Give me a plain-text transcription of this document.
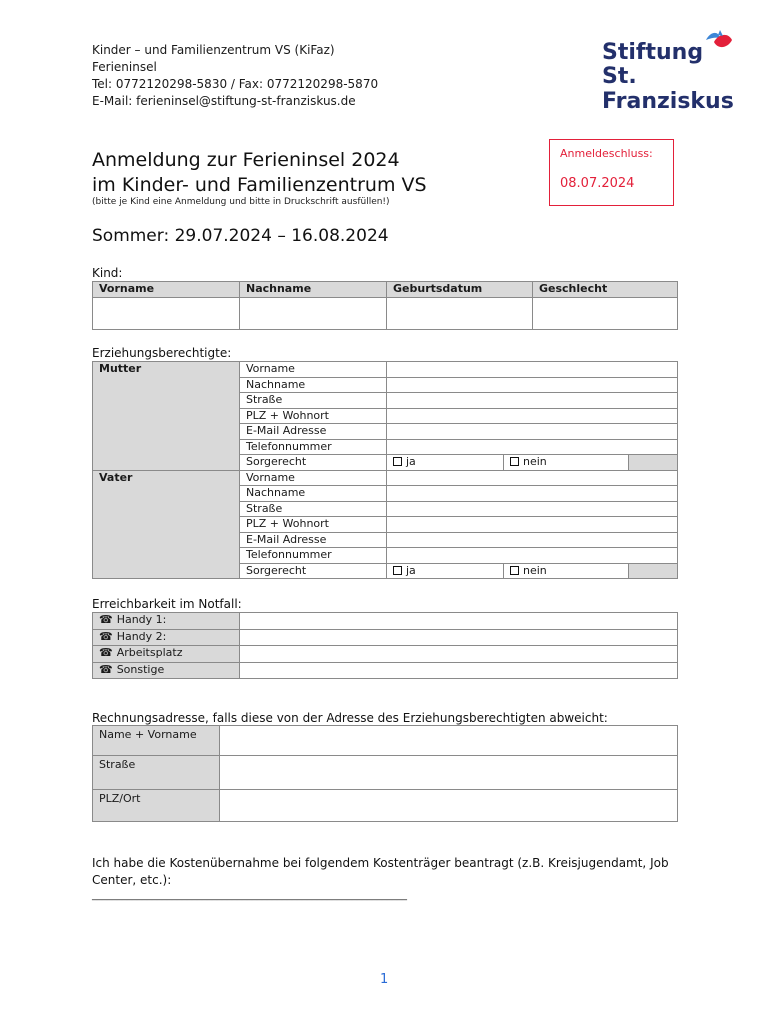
Kinder – und Familienzentrum VS (KiFaz)
Ferieninsel
Tel: 0772120298-5830 / Fax: 0772120298-5870
E-Mail: ferieninsel@stiftung-st-franziskus.de
Stiftung
St. Franziskus
Anmeldeschluss:
08.07.2024
Anmeldung zur Ferieninsel 2024
im Kinder- und Familienzentrum VS
(bitte je Kind eine Anmeldung und bitte in Druckschrift ausfüllen!)
Sommer: 29.07.2024 – 16.08.2024
Kind:
Vorname	Nachname	Geburtsdatum	Geschlecht

Erziehungsberechtigte:
Mutter	Vorname			
	Nachname			
	Straße			
	PLZ + Wohnort			
	E-Mail Adresse			
	Telefonnummer			
	Sorgerecht	ja	nein	
Vater	Vorname			
	Nachname			
	Straße			
	PLZ + Wohnort			
	E-Mail Adresse			
	Telefonnummer			
	Sorgerecht	ja	nein	
Erreichbarkeit im Notfall:
☎ Handy 1:	
☎ Handy 2:	
☎ Arbeitsplatz	
☎ Sonstige	
Rechnungsadresse, falls diese von der Adresse des Erziehungsberechtigten abweicht:
Name + Vorname	
Straße	
PLZ/Ort	
Ich habe die Kostenübernahme bei folgendem Kostenträger beantragt (z.B. Kreisjugendamt, Job
Center, etc.):
_______________________________________________________________
1
